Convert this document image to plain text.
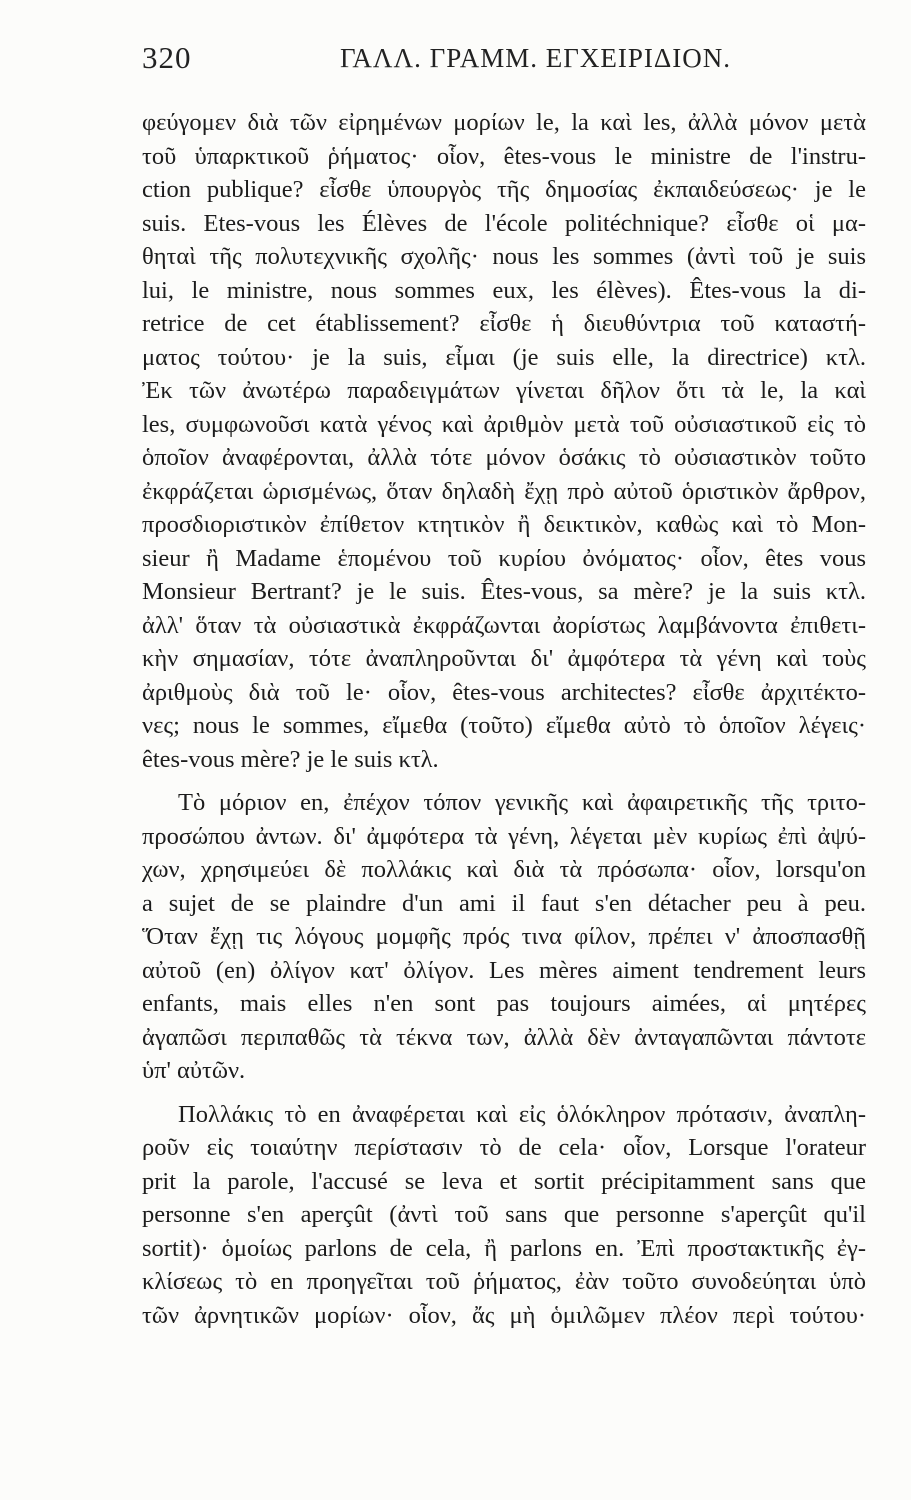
320	ΓΑΛΛ. ΓΡΑΜΜ. ΕΓΧΕΙΡΙΔΙΟΝ.
φεύγομεν διὰ τῶν εἰρημένων μορίων le, la καὶ les, ἀλλὰ μόνον μετὰ
τοῦ ὑπαρκτικοῦ ῥήματος· οἷον, êtes-vous le ministre de l'instru-
ction publique? εἶσθε ὑπουργὸς τῆς δημοσίας ἐκπαιδεύσεως· je le
suis. Etes-vous les Élèves de l'école politéchnique? εἶσθε οἱ μα-
θηταὶ τῆς πολυτεχνικῆς σχολῆς· nous les sommes (ἀντὶ τοῦ je suis
lui, le ministre, nous sommes eux, les élèves). Êtes-vous la di-
retrice de cet établissement? εἶσθε ἡ διευθύντρια τοῦ καταστή-
ματος τούτου· je la suis, εἶμαι (je suis elle, la directrice) κτλ.
Ἐκ τῶν ἀνωτέρω παραδειγμάτων γίνεται δῆλον ὅτι τὰ le, la καὶ
les, συμφωνοῦσι κατὰ γένος καὶ ἀριθμὸν μετὰ τοῦ οὐσιαστικοῦ εἰς τὸ
ὁποῖον ἀναφέρονται, ἀλλὰ τότε μόνον ὁσάκις τὸ οὐσιαστικὸν τοῦτο
ἐκφράζεται ὡρισμένως, ὅταν δηλαδὴ ἔχῃ πρὸ αὐτοῦ ὁριστικὸν ἄρθρον,
προσδιοριστικὸν ἐπίθετον κτητικὸν ἢ δεικτικὸν, καθὼς καὶ τὸ Mon-
sieur ἢ Madame ἑπομένου τοῦ κυρίου ὀνόματος· οἷον, êtes vous
Monsieur Bertrant? je le suis. Êtes-vous, sa mère? je la suis κτλ.
ἀλλ' ὅταν τὰ οὐσιαστικὰ ἐκφράζωνται ἀορίστως λαμβάνοντα ἐπιθετι-
κὴν σημασίαν, τότε ἀναπληροῦνται δι' ἀμφότερα τὰ γένη καὶ τοὺς
ἀριθμοὺς διὰ τοῦ le· οἷον, êtes-vous architectes? εἶσθε ἀρχιτέκτο-
νες; nous le sommes, εἴμεθα (τοῦτο) εἴμεθα αὐτὸ τὸ ὁποῖον λέγεις·
êtes-vous mère? je le suis κτλ.
Τὸ μόριον en, ἐπέχον τόπον γενικῆς καὶ ἀφαιρετικῆς τῆς τριτο-
προσώπου ἀντων. δι' ἀμφότερα τὰ γένη, λέγεται μὲν κυρίως ἐπὶ ἀψύ-
χων, χρησιμεύει δὲ πολλάκις καὶ διὰ τὰ πρόσωπα· οἷον, lorsqu'on
a sujet de se plaindre d'un ami il faut s'en détacher peu à peu.
Ὅταν ἔχῃ τις λόγους μομφῆς πρός τινα φίλον, πρέπει ν' ἀποσπασθῇ
αὐτοῦ (en) ὀλίγον κατ' ὀλίγον. Les mères aiment tendrement leurs
enfants, mais elles n'en sont pas toujours aimées, αἱ μητέρες
ἀγαπῶσι περιπαθῶς τὰ τέκνα των, ἀλλὰ δὲν ἀνταγαπῶνται πάντοτε
ὑπ' αὐτῶν.
Πολλάκις τὸ en ἀναφέρεται καὶ εἰς ὁλόκληρον πρότασιν, ἀναπλη-
ροῦν εἰς τοιαύτην περίστασιν τὸ de cela· οἷον, Lorsque l'orateur
prit la parole, l'accusé se leva et sortit précipitamment sans que
personne s'en aperçût (ἀντὶ τοῦ sans que personne s'aperçût qu'il
sortit)· ὁμοίως parlons de cela, ἢ parlons en. Ἐπὶ προστακτικῆς ἐγ-
κλίσεως τὸ en προηγεῖται τοῦ ῥήματος, ἐὰν τοῦτο συνοδεύηται ὑπὸ
τῶν ἀρνητικῶν μορίων· οἷον, ἄς μὴ ὁμιλῶμεν πλέον περὶ τούτου·
